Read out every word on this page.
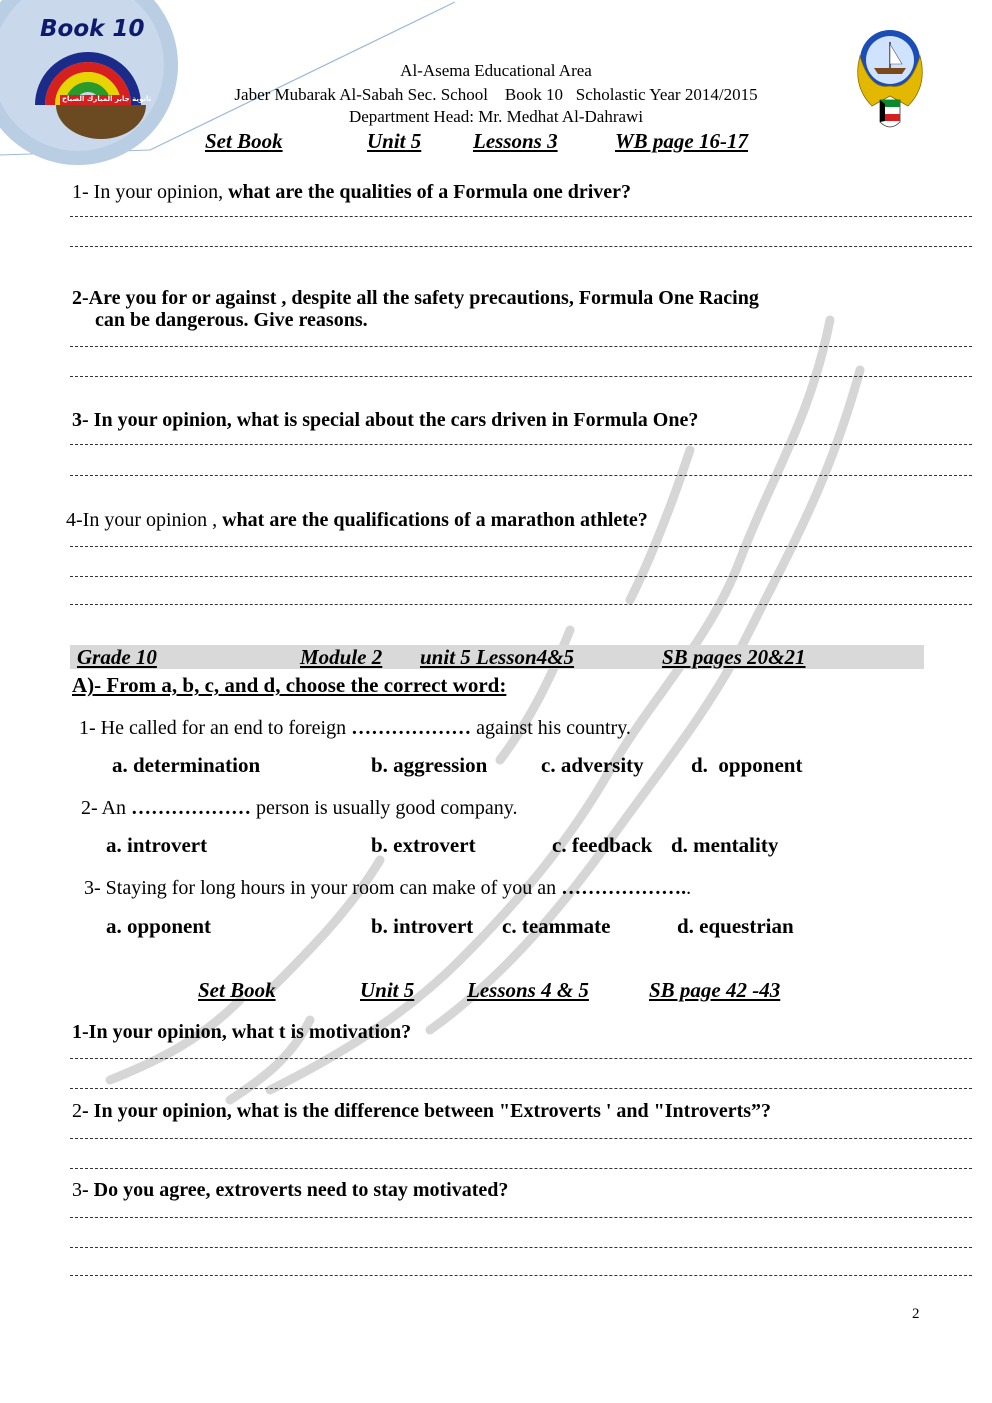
Book 10
ثانوية جابر المبارك الصباح
Al-Asema Educational Area
Jaber Mubarak Al-Sabah Sec. School    Book 10   Scholastic Year 2014/2015
Department Head: Mr. Medhat Al-Dahrawi
Set Book	Unit 5 Lessons 3	WB page 16-17
1- In your opinion, what are the qualities of a Formula one driver?
2-Are you for or against , despite all the safety precautions, Formula One Racing
can be dangerous. Give reasons.
3- In your opinion, what is special about the cars driven in Formula One?
4-In your opinion , what are the qualifications of a marathon athlete?
Grade 10	Module 2 unit 5 Lesson4&5	SB pages 20&21
A)- From a, b, c, and d, choose the correct word:
1- He called for an end to foreign ……………… against his country.
a. determination	b. aggression	c. adversity d.  opponent
2- An ……………… person is usually good company.
a. introvert	b. extrovert	c. feedback d. mentality
3- Staying for long hours in your room can make of you an ………………..
a. opponent	b. introvert c. teammate	d. equestrian
Set Book	Unit 5	Lessons 4 & 5	SB page 42 -43
1-In your opinion, what t is motivation?
2- In your opinion, what is the difference between "Extroverts ' and "Introverts”?
3- Do you agree, extroverts need to stay motivated?
2
